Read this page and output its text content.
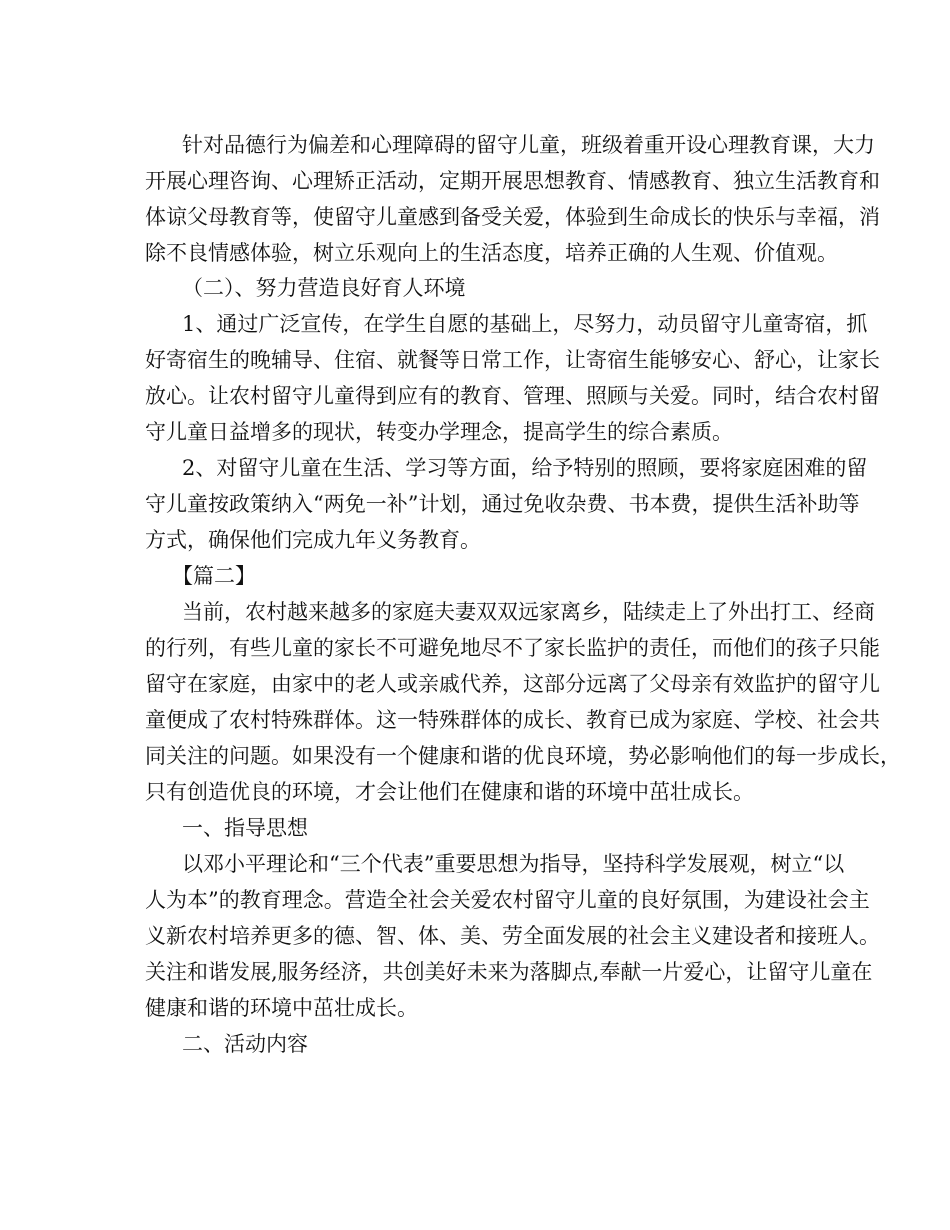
针对品德行为偏差和心理障碍的留守儿童，班级着重开设心理教育课，大力

开展心理咨询、心理矫正活动，定期开展思想教育、情感教育、独立生活教育和

体谅父母教育等，使留守儿童感到备受关爱，体验到生命成长的快乐与幸福，消

除不良情感体验，树立乐观向上的生活态度，培养正确的人生观、价值观。

（二）、努力营造良好育人环境

1、通过广泛宣传，在学生自愿的基础上，尽努力，动员留守儿童寄宿，抓

好寄宿生的晚辅导、住宿、就餐等日常工作，让寄宿生能够安心、舒心，让家长

放心。让农村留守儿童得到应有的教育、管理、照顾与关爱。同时，结合农村留

守儿童日益增多的现状，转变办学理念，提高学生的综合素质。

2、对留守儿童在生活、学习等方面，给予特别的照顾，要将家庭困难的留

守儿童按政策纳入“两免一补”计划，通过免收杂费、书本费，提供生活补助等

方式，确保他们完成九年义务教育。

【篇二】

当前，农村越来越多的家庭夫妻双双远家离乡，陆续走上了外出打工、经商

的行列，有些儿童的家长不可避免地尽不了家长监护的责任，而他们的孩子只能

留守在家庭，由家中的老人或亲戚代养，这部分远离了父母亲有效监护的留守儿

童便成了农村特殊群体。这一特殊群体的成长、教育已成为家庭、学校、社会共

同关注的问题。如果没有一个健康和谐的优良环境，势必影响他们的每一步成长，

只有创造优良的环境，才会让他们在健康和谐的环境中茁壮成长。

一、指导思想

以邓小平理论和“三个代表”重要思想为指导，坚持科学发展观，树立“以

人为本”的教育理念。营造全社会关爱农村留守儿童的良好氛围，为建设社会主

义新农村培养更多的德、智、体、美、劳全面发展的社会主义建设者和接班人。

关注和谐发展,服务经济，共创美好未来为落脚点,奉献一片爱心，让留守儿童在

健康和谐的环境中茁壮成长。

二、活动内容
